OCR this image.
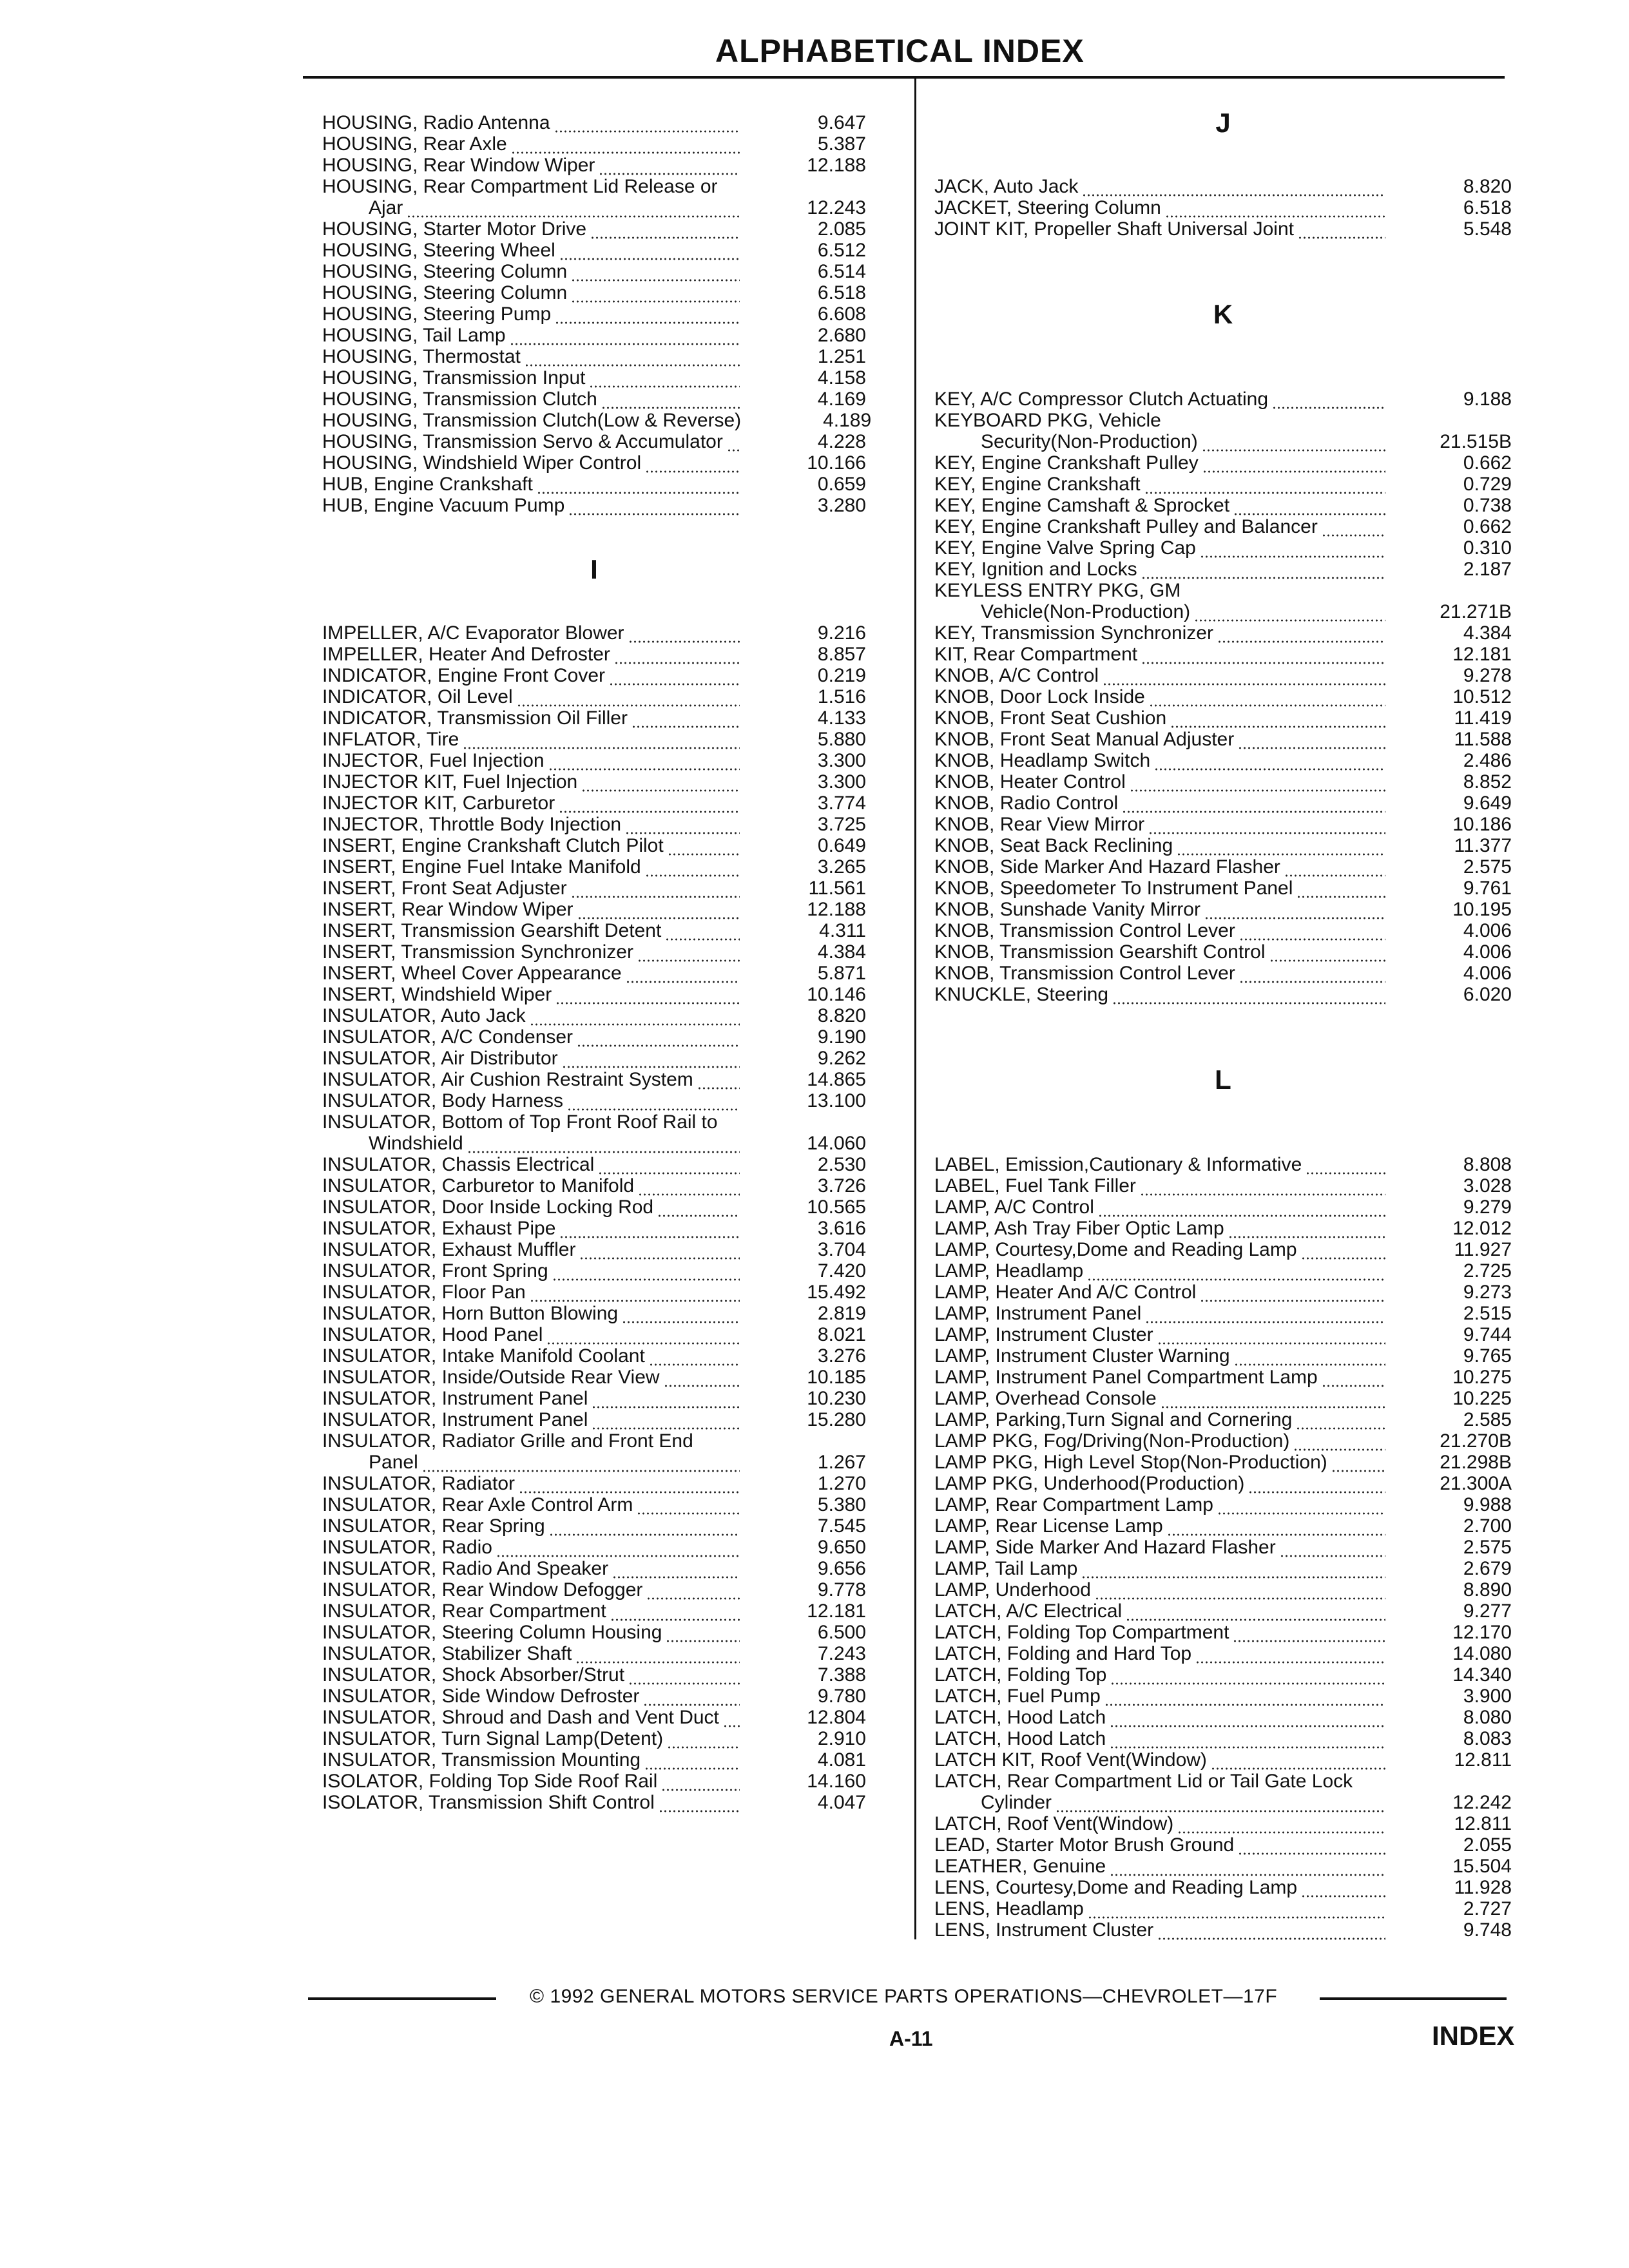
ALPHABETICAL INDEX
HOUSING, Radio Antenna	9.647
HOUSING, Rear Axle	5.387
HOUSING, Rear Window Wiper	12.188
HOUSING, Rear Compartment Lid Release or
Ajar	12.243
HOUSING, Starter Motor Drive	2.085
HOUSING, Steering Wheel	6.512
HOUSING, Steering Column	6.514
HOUSING, Steering Column	6.518
HOUSING, Steering Pump	6.608
HOUSING, Tail Lamp	2.680
HOUSING, Thermostat	1.251
HOUSING, Transmission Input	4.158
HOUSING, Transmission Clutch	4.169
HOUSING, Transmission Clutch(Low & Reverse)	4.189
HOUSING, Transmission Servo & Accumulator	4.228
HOUSING, Windshield Wiper Control	10.166
HUB, Engine Crankshaft	0.659
HUB, Engine Vacuum Pump	3.280
I
IMPELLER, A/C Evaporator Blower	9.216
IMPELLER, Heater And Defroster	8.857
INDICATOR, Engine Front Cover	0.219
INDICATOR, Oil Level	1.516
INDICATOR, Transmission Oil Filler	4.133
INFLATOR, Tire	5.880
INJECTOR, Fuel Injection	3.300
INJECTOR KIT, Fuel Injection	3.300
INJECTOR KIT, Carburetor	3.774
INJECTOR, Throttle Body Injection	3.725
INSERT, Engine Crankshaft Clutch Pilot	0.649
INSERT, Engine Fuel Intake Manifold	3.265
INSERT, Front Seat Adjuster	11.561
INSERT, Rear Window Wiper	12.188
INSERT, Transmission Gearshift Detent	4.311
INSERT, Transmission Synchronizer	4.384
INSERT, Wheel Cover Appearance	5.871
INSERT, Windshield Wiper	10.146
INSULATOR, Auto Jack	8.820
INSULATOR, A/C Condenser	9.190
INSULATOR, Air Distributor	9.262
INSULATOR, Air Cushion Restraint System	14.865
INSULATOR, Body Harness	13.100
INSULATOR, Bottom of Top Front Roof Rail to
Windshield	14.060
INSULATOR, Chassis Electrical	2.530
INSULATOR, Carburetor to Manifold	3.726
INSULATOR, Door Inside Locking Rod	10.565
INSULATOR, Exhaust Pipe	3.616
INSULATOR, Exhaust Muffler	3.704
INSULATOR, Front Spring	7.420
INSULATOR, Floor Pan	15.492
INSULATOR, Horn Button Blowing	2.819
INSULATOR, Hood Panel	8.021
INSULATOR, Intake Manifold Coolant	3.276
INSULATOR, Inside/Outside Rear View	10.185
INSULATOR, Instrument Panel	10.230
INSULATOR, Instrument Panel	15.280
INSULATOR, Radiator Grille and Front End
Panel	1.267
INSULATOR, Radiator	1.270
INSULATOR, Rear Axle Control Arm	5.380
INSULATOR, Rear Spring	7.545
INSULATOR, Radio	9.650
INSULATOR, Radio And Speaker	9.656
INSULATOR, Rear Window Defogger	9.778
INSULATOR, Rear Compartment	12.181
INSULATOR, Steering Column Housing	6.500
INSULATOR, Stabilizer Shaft	7.243
INSULATOR, Shock Absorber/Strut	7.388
INSULATOR, Side Window Defroster	9.780
INSULATOR, Shroud and Dash and Vent Duct	12.804
INSULATOR, Turn Signal Lamp(Detent)	2.910
INSULATOR, Transmission Mounting	4.081
ISOLATOR, Folding Top Side Roof Rail	14.160
ISOLATOR, Transmission Shift Control	4.047
J
JACK, Auto Jack	8.820
JACKET, Steering Column	6.518
JOINT KIT, Propeller Shaft Universal Joint	5.548
K
KEY, A/C Compressor Clutch Actuating	9.188
KEYBOARD PKG, Vehicle
Security(Non-Production)	21.515B
KEY, Engine Crankshaft Pulley	0.662
KEY, Engine Crankshaft	0.729
KEY, Engine Camshaft & Sprocket	0.738
KEY, Engine Crankshaft Pulley and Balancer	0.662
KEY, Engine Valve Spring Cap	0.310
KEY, Ignition and Locks	2.187
KEYLESS ENTRY PKG, GM
Vehicle(Non-Production)	21.271B
KEY, Transmission Synchronizer	4.384
KIT, Rear Compartment	12.181
KNOB, A/C Control	9.278
KNOB, Door Lock Inside	10.512
KNOB, Front Seat Cushion	11.419
KNOB, Front Seat Manual Adjuster	11.588
KNOB, Headlamp Switch	2.486
KNOB, Heater Control	8.852
KNOB, Radio Control	9.649
KNOB, Rear View Mirror	10.186
KNOB, Seat Back Reclining	11.377
KNOB, Side Marker And Hazard Flasher	2.575
KNOB, Speedometer To Instrument Panel	9.761
KNOB, Sunshade Vanity Mirror	10.195
KNOB, Transmission Control Lever	4.006
KNOB, Transmission Gearshift Control	4.006
KNOB, Transmission Control Lever	4.006
KNUCKLE, Steering	6.020
L
LABEL, Emission,Cautionary & Informative	8.808
LABEL, Fuel Tank Filler	3.028
LAMP, A/C Control	9.279
LAMP, Ash Tray Fiber Optic Lamp	12.012
LAMP, Courtesy,Dome and Reading Lamp	11.927
LAMP, Headlamp	2.725
LAMP, Heater And A/C Control	9.273
LAMP, Instrument Panel	2.515
LAMP, Instrument Cluster	9.744
LAMP, Instrument Cluster Warning	9.765
LAMP, Instrument Panel Compartment Lamp	10.275
LAMP, Overhead Console	10.225
LAMP, Parking,Turn Signal and Cornering	2.585
LAMP PKG, Fog/Driving(Non-Production)	21.270B
LAMP PKG, High Level Stop(Non-Production)	21.298B
LAMP PKG, Underhood(Production)	21.300A
LAMP, Rear Compartment Lamp	9.988
LAMP, Rear License Lamp	2.700
LAMP, Side Marker And Hazard Flasher	2.575
LAMP, Tail Lamp	2.679
LAMP, Underhood	8.890
LATCH, A/C Electrical	9.277
LATCH, Folding Top Compartment	12.170
LATCH, Folding and Hard Top	14.080
LATCH, Folding Top	14.340
LATCH, Fuel Pump	3.900
LATCH, Hood Latch	8.080
LATCH, Hood Latch	8.083
LATCH KIT, Roof Vent(Window)	12.811
LATCH, Rear Compartment Lid or Tail Gate Lock
Cylinder	12.242
LATCH, Roof Vent(Window)	12.811
LEAD, Starter Motor Brush Ground	2.055
LEATHER, Genuine	15.504
LENS, Courtesy,Dome and Reading Lamp	11.928
LENS, Headlamp	2.727
LENS, Instrument Cluster	9.748
© 1992 GENERAL MOTORS SERVICE PARTS OPERATIONS—CHEVROLET—17F
A-11	INDEX
